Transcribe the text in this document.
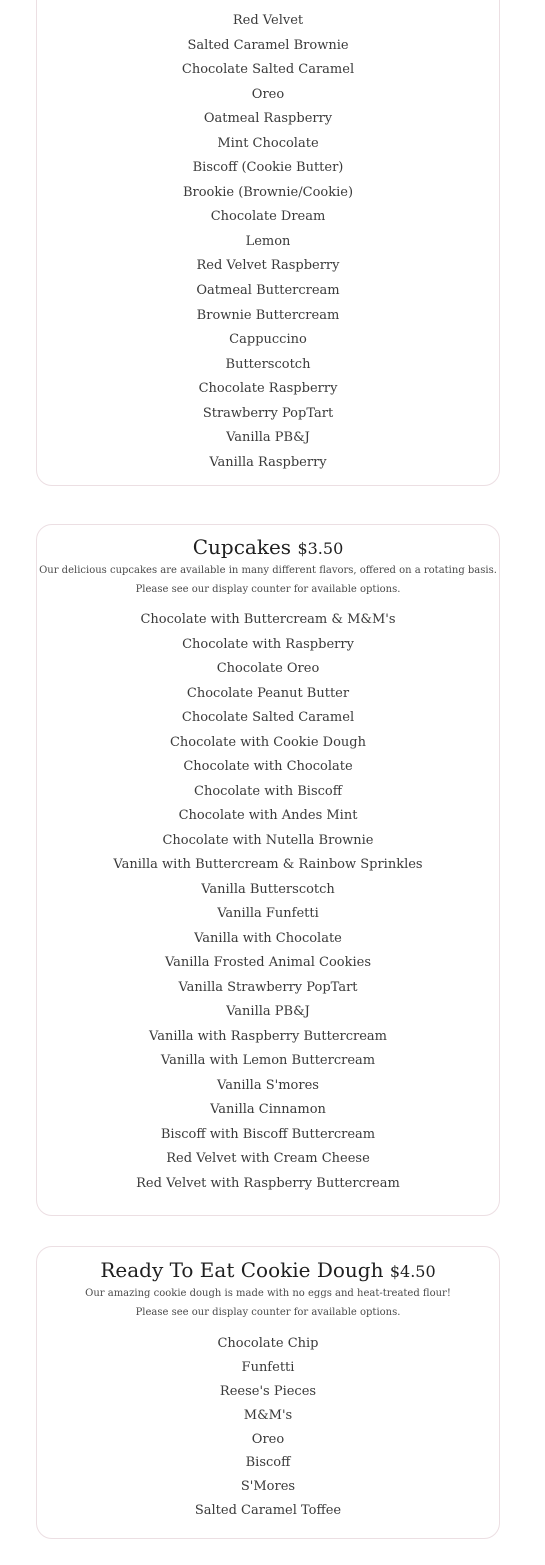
Red Velvet
Salted Caramel Brownie
Chocolate Salted Caramel
Oreo
Oatmeal Raspberry
Mint Chocolate
Biscoff (Cookie Butter)
Brookie (Brownie/Cookie)
Chocolate Dream
Lemon
Red Velvet Raspberry
Oatmeal Buttercream
Brownie Buttercream
Cappuccino
Butterscotch
Chocolate Raspberry
Strawberry PopTart
Vanilla PB&J
Vanilla Raspberry
Cupcakes $3.50

Our delicious cupcakes are available in many different flavors, offered on a rotating basis.

Please see our display counter for available options.

Chocolate with Buttercream & M&M's
Chocolate with Raspberry
Chocolate Oreo
Chocolate Peanut Butter
Chocolate Salted Caramel
Chocolate with Cookie Dough
Chocolate with Chocolate
Chocolate with Biscoff
Chocolate with Andes Mint
Chocolate with Nutella Brownie
Vanilla with Buttercream & Rainbow Sprinkles
Vanilla Butterscotch
Vanilla Funfetti
Vanilla with Chocolate
Vanilla Frosted Animal Cookies
Vanilla Strawberry PopTart
Vanilla PB&J
Vanilla with Raspberry Buttercream
Vanilla with Lemon Buttercream
Vanilla S'mores
Vanilla Cinnamon
Biscoff with Biscoff Buttercream
Red Velvet with Cream Cheese
Red Velvet with Raspberry Buttercream
Ready To Eat Cookie Dough $4.50

Our amazing cookie dough is made with no eggs and heat-treated flour!

Please see our display counter for available options.

Chocolate Chip
Funfetti
Reese's Pieces
M&M's
Oreo
Biscoff
S'Mores
Salted Caramel Toffee
